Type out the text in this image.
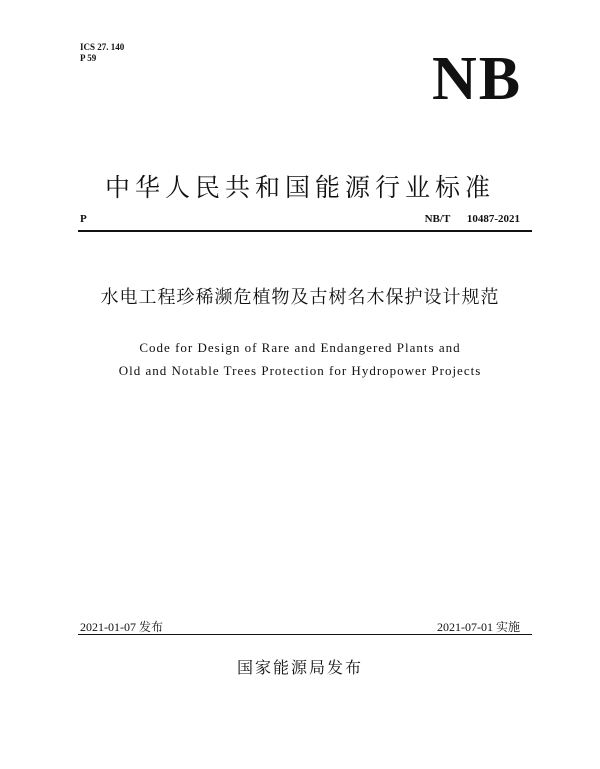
ICS 27. 140
P 59	NB
中华人民共和国能源行业标准
P	NB/T 10487-2021
水电工程珍稀濒危植物及古树名木保护设计规范
Code for Design of Rare and Endangered Plants and
Old and Notable Trees Protection for Hydropower Projects
2021-01-07 发布	2021-07-01 实施
国家能源局发布
